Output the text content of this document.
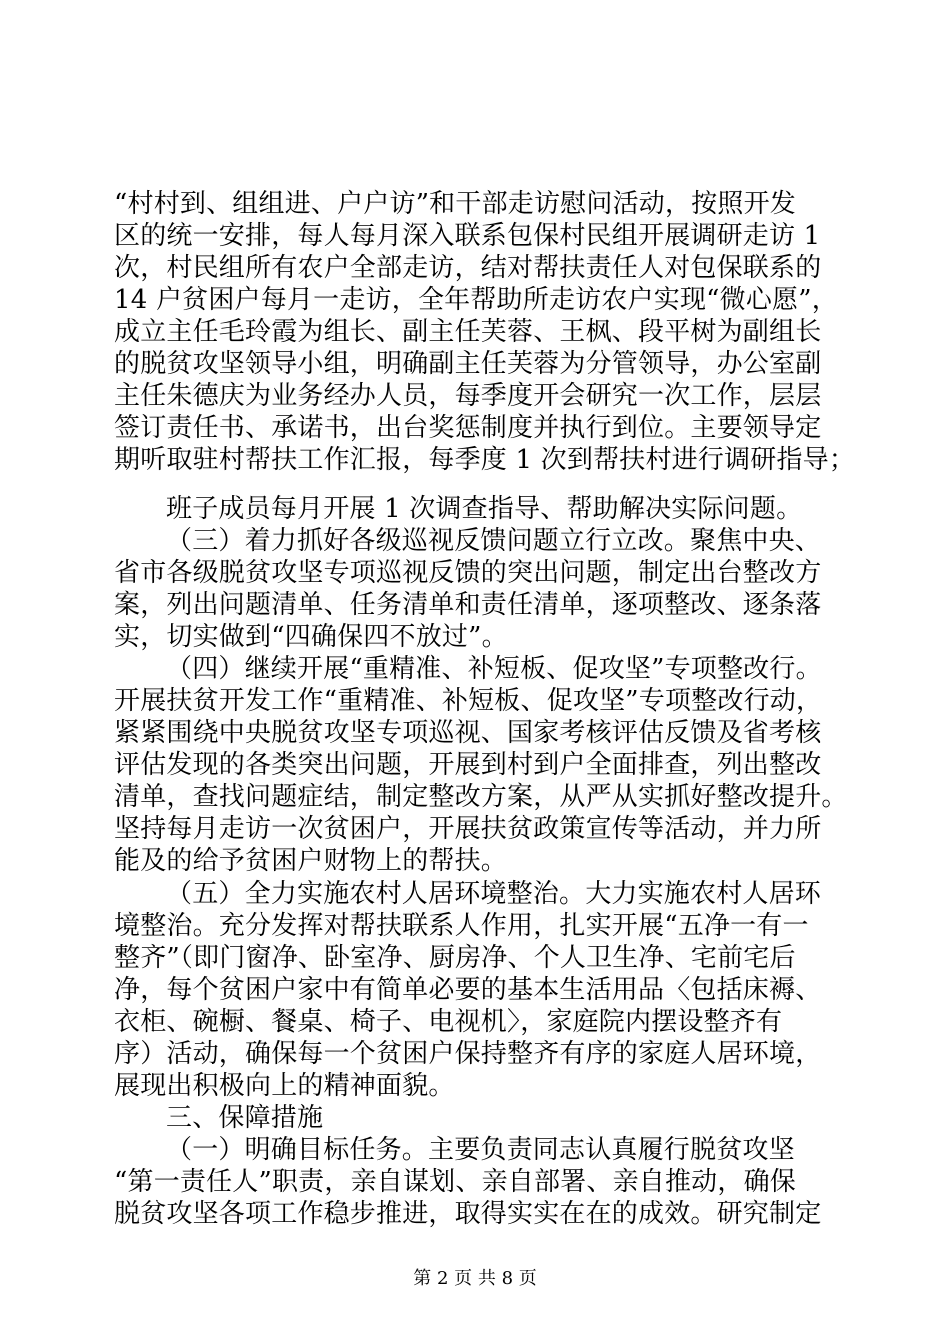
“村村到、组组进、户户访”和干部走访慰问活动，按照开发
区的统一安排，每人每月深入联系包保村民组开展调研走访 1
次，村民组所有农户全部走访，结对帮扶责任人对包保联系的
14 户贫困户每月一走访，全年帮助所走访农户实现“微心愿”，
成立主任毛玲霞为组长、副主任芙蓉、王枫、段平树为副组长
的脱贫攻坚领导小组，明确副主任芙蓉为分管领导，办公室副
主任朱德庆为业务经办人员，每季度开会研究一次工作，层层
签订责任书、承诺书，出台奖惩制度并执行到位。主要领导定
期听取驻村帮扶工作汇报，每季度 1 次到帮扶村进行调研指导；
班子成员每月开展 1 次调查指导、帮助解决实际问题。
（三）着力抓好各级巡视反馈问题立行立改。聚焦中央、
省市各级脱贫攻坚专项巡视反馈的突出问题，制定出台整改方
案，列出问题清单、任务清单和责任清单，逐项整改、逐条落
实，切实做到“四确保四不放过”。
（四）继续开展“重精准、补短板、促攻坚”专项整改行。
开展扶贫开发工作“重精准、补短板、促攻坚”专项整改行动，
紧紧围绕中央脱贫攻坚专项巡视、国家考核评估反馈及省考核
评估发现的各类突出问题，开展到村到户全面排查，列出整改
清单，查找问题症结，制定整改方案，从严从实抓好整改提升。
坚持每月走访一次贫困户，开展扶贫政策宣传等活动，并力所
能及的给予贫困户财物上的帮扶。
（五）全力实施农村人居环境整治。大力实施农村人居环
境整治。充分发挥对帮扶联系人作用，扎实开展“五净一有一
整齐”（即门窗净、卧室净、厨房净、个人卫生净、宅前宅后
净，每个贫困户家中有简单必要的基本生活用品〈包括床褥、
衣柜、碗橱、餐桌、椅子、电视机〉，家庭院内摆设整齐有
序）活动，确保每一个贫困户保持整齐有序的家庭人居环境，
展现出积极向上的精神面貌。
三、保障措施
（一）明确目标任务。主要负责同志认真履行脱贫攻坚
“第一责任人”职责，亲自谋划、亲自部署、亲自推动，确保
脱贫攻坚各项工作稳步推进，取得实实在在的成效。研究制定
第 2 页 共 8 页
